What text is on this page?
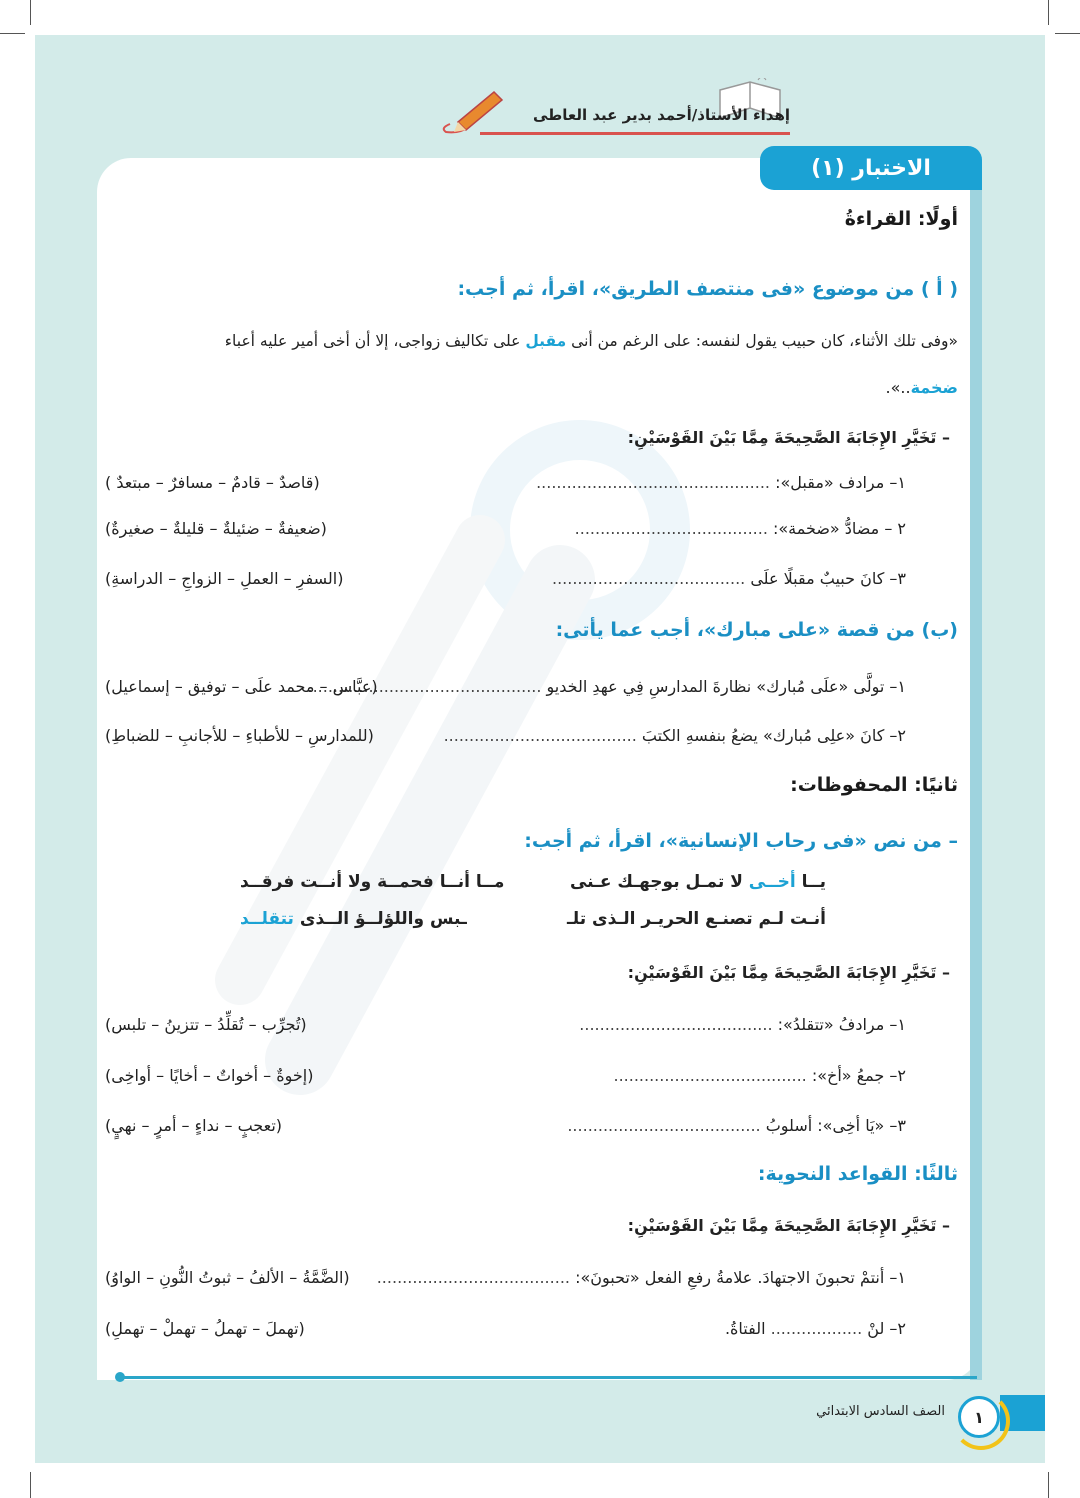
إهداء الأستاذ/أحمد بدير عبد العاطى
الاختبار (١)
أولًا: القراءةُ
( أ ) من موضوع «فى منتصف الطريق»، اقرأ، ثم أجب:
«وفى تلك الأثناء، كان حبيب يقول لنفسه: على الرغم من أنى مقبل على تكاليف زواجى، إلا أن أخى أمير عليه أعباء
ضخمة..».
– تَخَيَّرِ الإِجَابَةَ الصَّحِيحَةَ مِمَّا بَيْنَ القَوْسَيْنِ:
١– مرادف «مقبل»: ..............................................
(قاصدٌ – قادمٌ – مسافرٌ – مبتعدٌ )
٢ – مضادُّ «ضخمة»: ......................................
(ضعيفةٌ – ضئيلةٌ – قليلةٌ – صغيرةٌ)
٣– كانَ حبيبٌ مقبلًا علَى ......................................
(السفرِ – العملِ – الزواجِ – الدراسةِ)
(ب) من قصة «على مبارك»، أجب عما يأتى:
١– تولَّى «علَى مُبارك» نظارةَ المدارسِ فِي عهدِ الخديو ..............................................
(عبَّاس – محمد علَى – توفيق – إسماعيل)
٢– كانَ «علِى مُبارك» يضعُ بنفسهِ الكتبَ ......................................
(للمدارسِ – للأطباءِ – للأجانبِ – للضباطِ)
ثانيًا: المحفوظات:
– من نص «فى رحاب الإنسانية»، اقرأ، ثم أجب:
يــا أخــى لا تمـل بوجهـك عـنى
مــا أنــا فحمــة ولا أنــت فرقــد
أنـت لـم تصنـع الحريـر الـذى تلـ
ـبس واللؤلــؤ الــذى تتقلــد
– تَخَيَّرِ الإِجَابَةَ الصَّحِيحَةَ مِمَّا بَيْنَ القَوْسَيْنِ:
١– مرادفُ «تتقلدُ»: ......................................
(تُجرِّب – تُقلِّدُ – تتزينُ – تلبس)
٢– جمعُ «أخ»: ......................................
(إخوةٌ – أخواتٌ – أخايًا – أواخِى)
٣– «يَا أخِى»: أسلوبُ ......................................
(تعجبٍ – نداءٍ – أمرٍ – نهيٍ)
ثالثًا: القواعد النحوية:
– تَخَيَّرِ الإِجَابَةَ الصَّحِيحَةَ مِمَّا بَيْنَ القَوْسَيْنِ:
١– أنتمْ تحبونَ الاجتهادَ. علامةُ رفعِ الفعل «تحبونَ»: ......................................
(الضَّمَّةُ – الألفُ – ثبوتُ النُّونِ – الواوُ)
٢– لنْ .................. الفتاةُ.
(تهملَ – تهملُ – تهملْ – تهملِ)
١
الصف السادس الابتدائي
